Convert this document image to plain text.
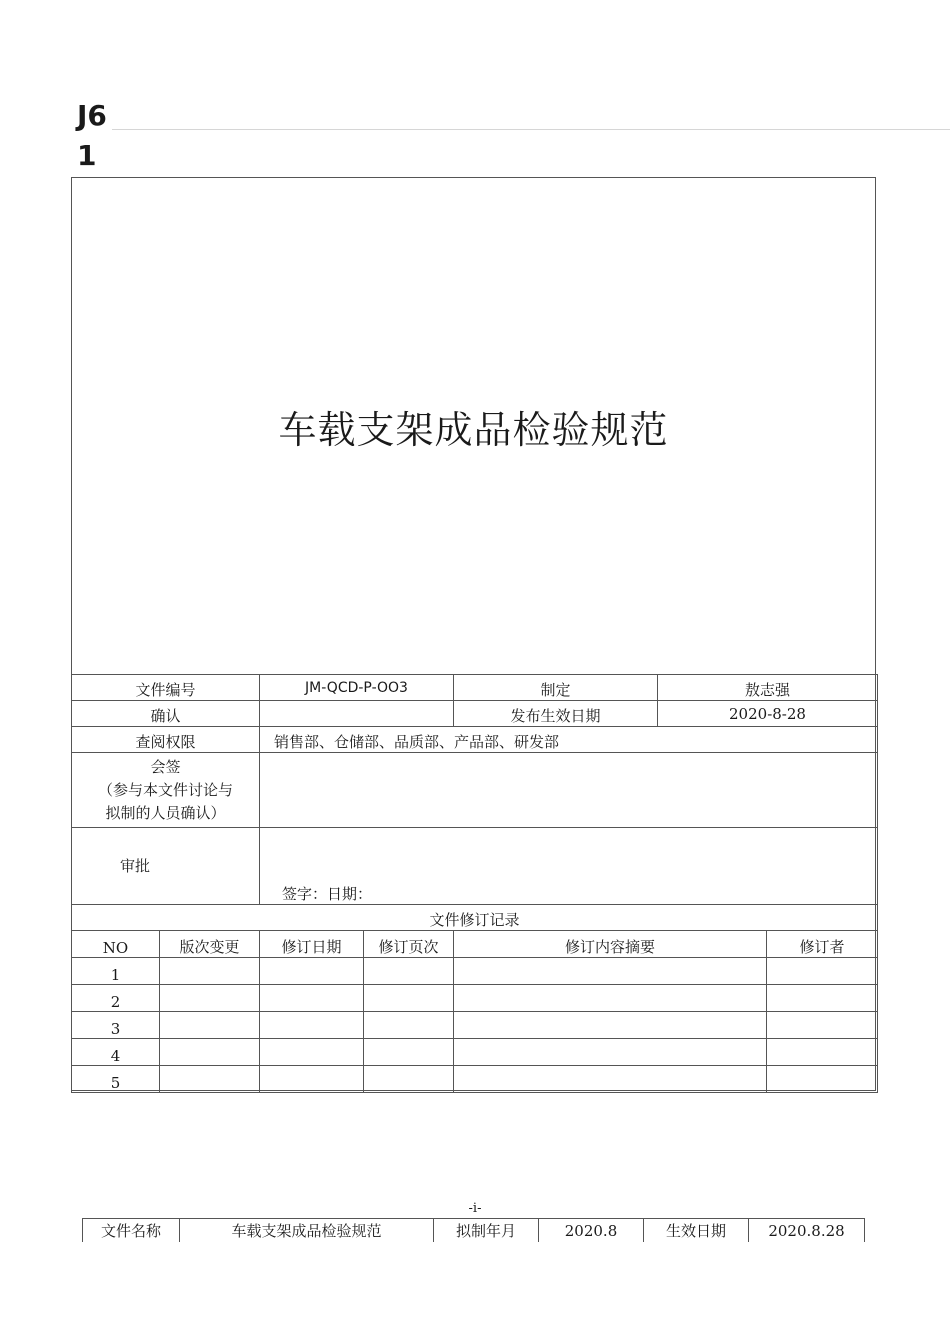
J6
1
车载支架成品检验规范
文件编号	JM-QCD-P-OO3	制定	敖志强
确认		发布生效日期	2020-8-28
查阅权限	销售部、仓储部、品质部、产品部、研发部		

会签
（参与本文件讨论与
拟制的人员确认）			

审批	签字：日期：		
文件修订记录					
NO	版次变更	修订日期	修订页次	修订内容摘要	修订者
1					
2					
3					
4					
5					
-i-
文件名称	车载支架成品检验规范	拟制年月	2020.8	生效日期	2020.8.28
